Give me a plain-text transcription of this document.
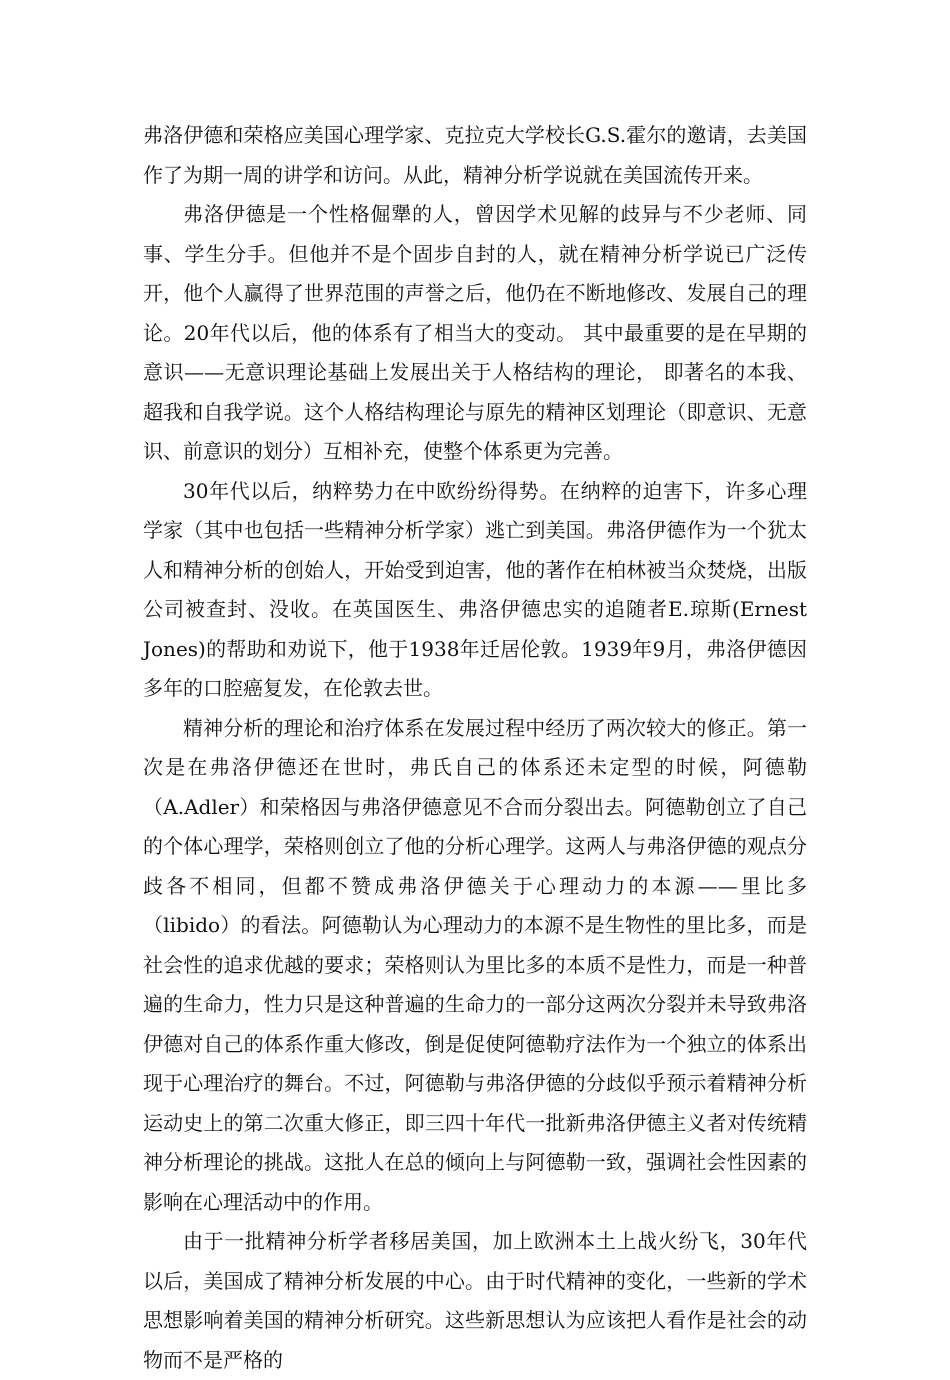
弗洛伊德和荣格应美国心理学家、克拉克大学校长G.S.霍尔的邀请，去美国作了为期一周的讲学和访问。从此，精神分析学说就在美国流传开来。

弗洛伊德是一个性格倔犟的人，曾因学术见解的歧异与不少老师、同事、学生分手。但他并不是个固步自封的人，就在精神分析学说已广泛传开，他个人赢得了世界范围的声誉之后，他仍在不断地修改、发展自己的理论。20年代以后，他的体系有了相当大的变动。 其中最重要的是在早期的意识——无意识理论基础上发展出关于人格结构的理论， 即著名的本我、超我和自我学说。这个人格结构理论与原先的精神区划理论（即意识、无意识、前意识的划分）互相补充，使整个体系更为完善。

30年代以后，纳粹势力在中欧纷纷得势。在纳粹的迫害下，许多心理学家（其中也包括一些精神分析学家）逃亡到美国。弗洛伊德作为一个犹太人和精神分析的创始人，开始受到迫害，他的著作在柏林被当众焚烧，出版公司被查封、没收。在英国医生、弗洛伊德忠实的追随者E.琼斯(Ernest Jones)的帮助和劝说下，他于1938年迁居伦敦。1939年9月，弗洛伊德因多年的口腔癌复发，在伦敦去世。

精神分析的理论和治疗体系在发展过程中经历了两次较大的修正。第一次是在弗洛伊德还在世时，弗氏自己的体系还未定型的时候，阿德勒（A.Adler）和荣格因与弗洛伊德意见不合而分裂出去。阿德勒创立了自己的个体心理学，荣格则创立了他的分析心理学。这两人与弗洛伊德的观点分歧各不相同，但都不赞成弗洛伊德关于心理动力的本源——里比多（libido）的看法。阿德勒认为心理动力的本源不是生物性的里比多，而是社会性的追求优越的要求；荣格则认为里比多的本质不是性力，而是一种普遍的生命力，性力只是这种普遍的生命力的一部分这两次分裂并未导致弗洛伊德对自己的体系作重大修改，倒是促使阿德勒疗法作为一个独立的体系出现于心理治疗的舞台。不过，阿德勒与弗洛伊德的分歧似乎预示着精神分析运动史上的第二次重大修正，即三四十年代一批新弗洛伊德主义者对传统精神分析理论的挑战。这批人在总的倾向上与阿德勒一致，强调社会性因素的影响在心理活动中的作用。

由于一批精神分析学者移居美国，加上欧洲本土上战火纷飞，30年代以后，美国成了精神分析发展的中心。由于时代精神的变化，一些新的学术思想影响着美国的精神分析研究。这些新思想认为应该把人看作是社会的动物而不是严格的
